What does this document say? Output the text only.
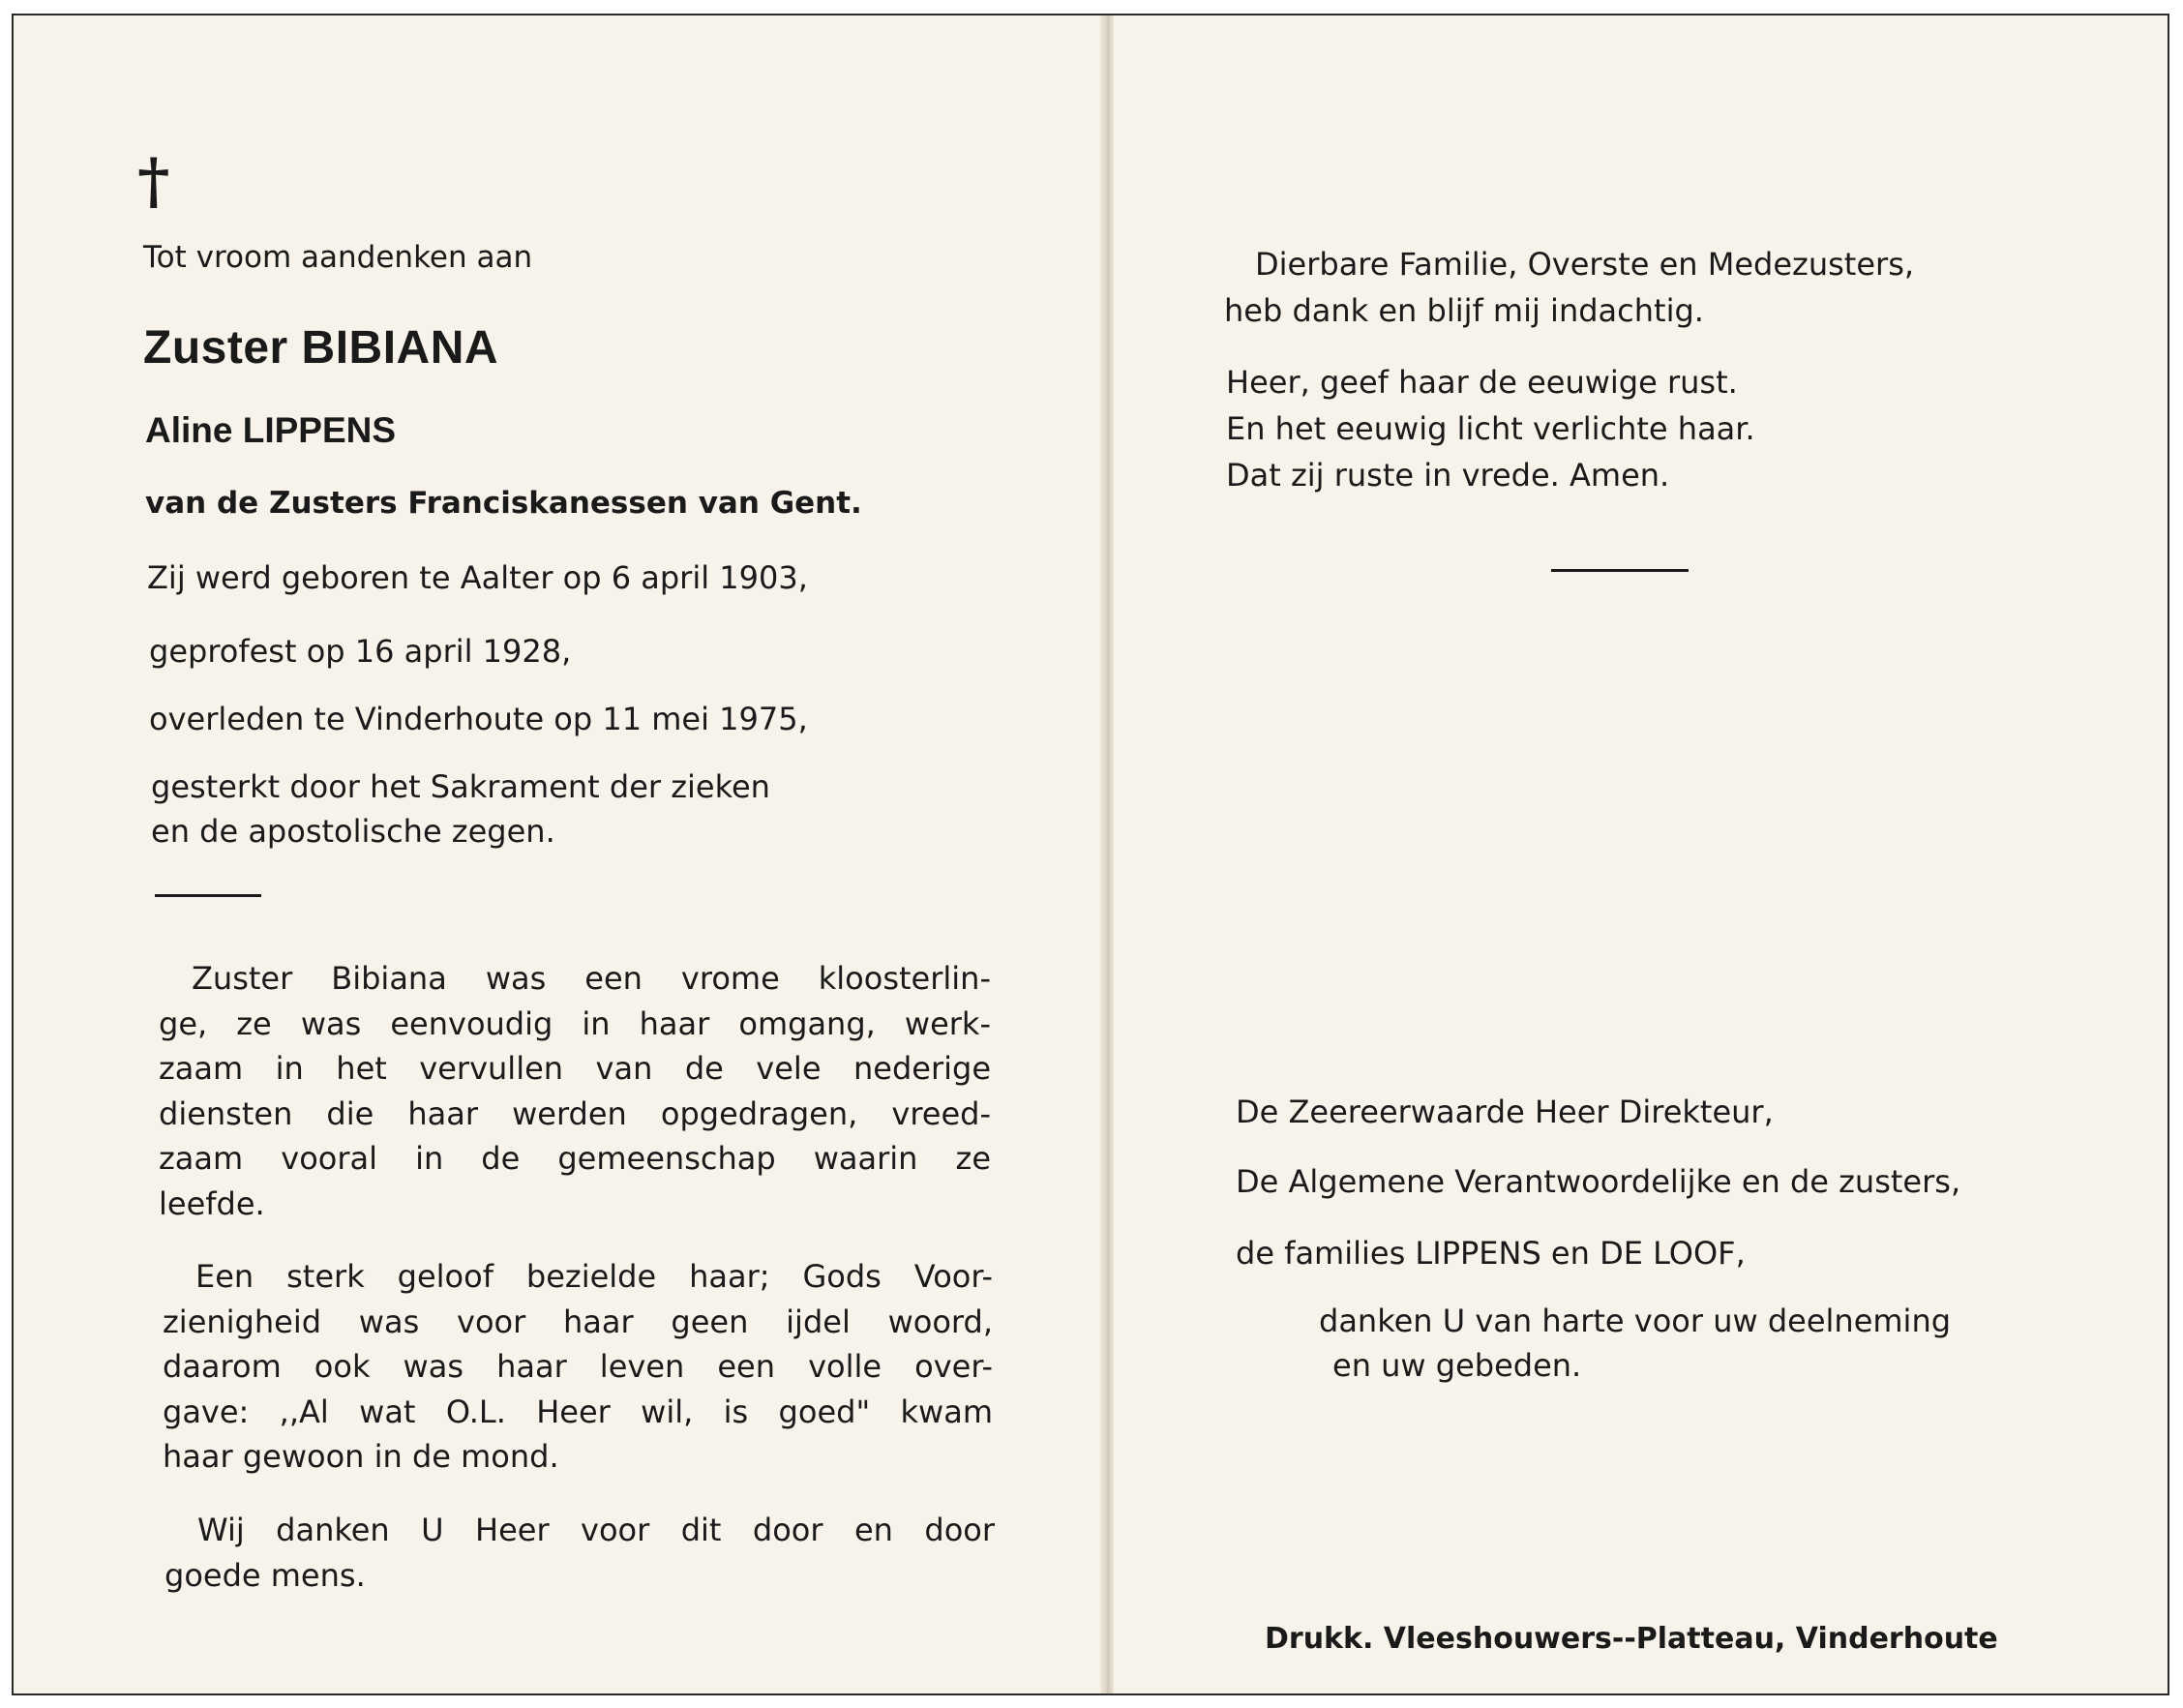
†
Tot vroom aandenken aan
Zuster BIBIANA
Aline LIPPENS
van de Zusters Franciskanessen van Gent.
Zij werd geboren te Aalter op 6 april 1903,
geprofest op 16 april 1928,
overleden te Vinderhoute op 11 mei 1975,
gesterkt door het Sakrament der zieken
en de apostolische zegen.
Zuster Bibiana was een vrome kloosterlin-
ge, ze was eenvoudig in haar omgang, werk-
zaam in het vervullen van de vele nederige
diensten die haar werden opgedragen, vreed-
zaam vooral in de gemeenschap waarin ze
leefde.
Een sterk geloof bezielde haar; Gods Voor-
zienigheid was voor haar geen ijdel woord,
daarom ook was haar leven een volle over-
gave: ,,Al wat O.L. Heer wil, is goed" kwam
haar gewoon in de mond.
Wij danken U Heer voor dit door en door
goede mens.
Dierbare Familie, Overste en Medezusters,
heb dank en blijf mij indachtig.
Heer, geef haar de eeuwige rust.
En het eeuwig licht verlichte haar.
Dat zij ruste in vrede. Amen.
De Zeereerwaarde Heer Direkteur,
De Algemene Verantwoordelijke en de zusters,
de families LIPPENS en DE LOOF,
danken U van harte voor uw deelneming
en uw gebeden.
Drukk. Vleeshouwers--Platteau, Vinderhoute
